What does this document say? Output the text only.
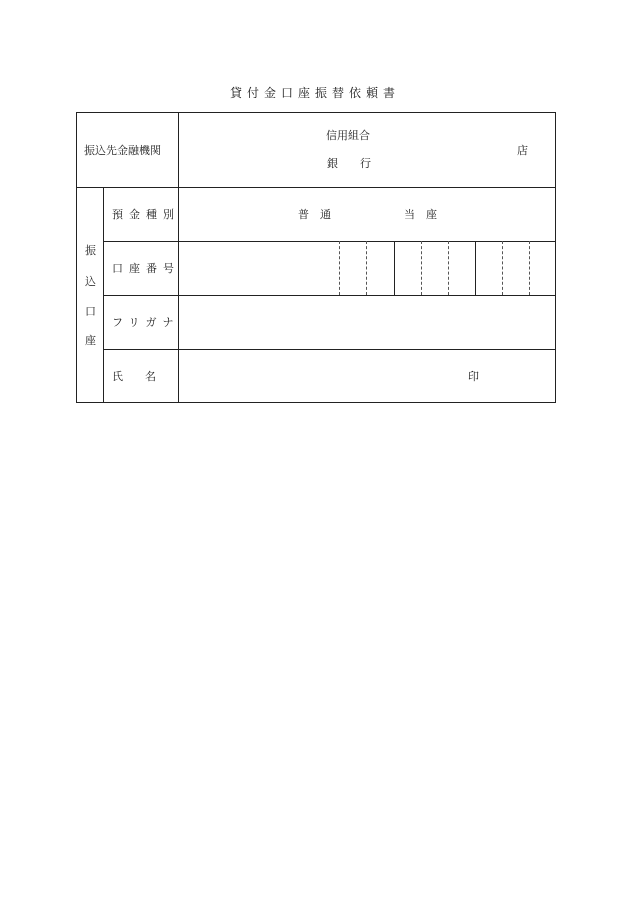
貸付金口座振替依頼書
振込先金融機関
信用組合
銀　　行
店
振
込
口
座
預金種別
口座番号
フリガナ
氏　　名
普　通	当　座
印
